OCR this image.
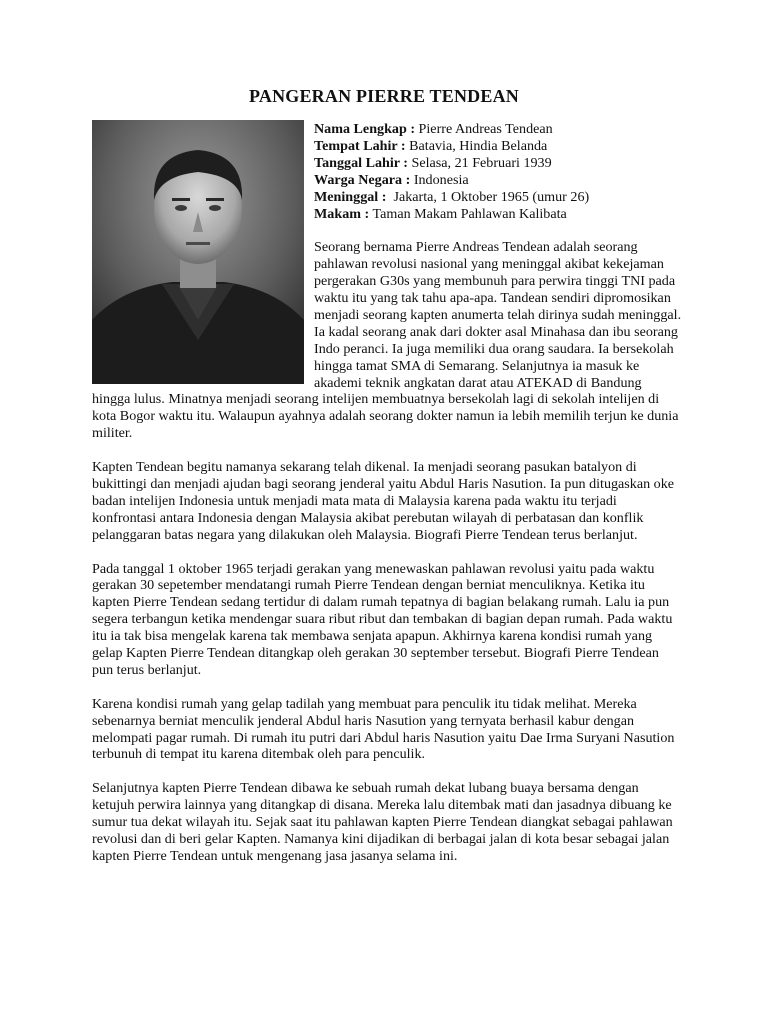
PANGERAN PIERRE TENDEAN

Nama Lengkap : Pierre Andreas Tendean

Tempat Lahir : Batavia, Hindia Belanda

Tanggal Lahir : Selasa, 21 Februari 1939

Warga Negara : Indonesia

Meninggal :  Jakarta, 1 Oktober 1965 (umur 26)

Makam : Taman Makam Pahlawan Kalibata

Seorang bernama Pierre Andreas Tendean adalah seorang pahlawan revolusi nasional yang meninggal akibat kekejaman pergerakan G30s yang membunuh para perwira tinggi TNI pada waktu itu yang tak tahu apa-apa. Tandean sendiri dipromosikan menjadi seorang kapten anumerta telah dirinya sudah meninggal. Ia kadal seorang anak dari dokter asal Minahasa dan ibu seorang Indo peranci. Ia juga memiliki dua orang saudara. Ia bersekolah hingga tamat SMA di Semarang. Selanjutnya ia masuk ke akademi teknik angkatan darat atau ATEKAD di Bandung hingga lulus. Minatnya menjadi seorang intelijen membuatnya bersekolah lagi di sekolah intelijen di kota Bogor waktu itu. Walaupun ayahnya adalah seorang dokter namun ia lebih memilih terjun ke dunia militer.

Kapten Tendean begitu namanya sekarang telah dikenal. Ia menjadi seorang pasukan batalyon di bukittingi dan menjadi ajudan bagi seorang jenderal yaitu Abdul Haris Nasution. Ia pun ditugaskan oke badan intelijen Indonesia untuk menjadi mata mata di Malaysia karena pada waktu itu terjadi konfrontasi antara Indonesia dengan Malaysia akibat perebutan wilayah di perbatasan dan konflik pelanggaran batas negara yang dilakukan oleh Malaysia. Biografi Pierre Tendean terus berlanjut.

Pada tanggal 1 oktober 1965 terjadi gerakan yang menewaskan pahlawan revolusi yaitu pada waktu gerakan 30 sepetember mendatangi rumah Pierre Tendean dengan berniat menculiknya. Ketika itu kapten Pierre Tendean sedang tertidur di dalam rumah tepatnya di bagian belakang rumah. Lalu ia pun segera terbangun ketika mendengar suara ribut ribut dan tembakan di bagian depan rumah. Pada waktu itu ia tak bisa mengelak karena tak membawa senjata apapun. Akhirnya karena kondisi rumah yang gelap Kapten Pierre Tendean ditangkap oleh gerakan 30 september tersebut. Biografi Pierre Tendean pun terus berlanjut.

Karena kondisi rumah yang gelap tadilah yang membuat para penculik itu tidak melihat. Mereka sebenarnya berniat menculik jenderal Abdul haris Nasution yang ternyata berhasil kabur dengan melompati pagar rumah. Di rumah itu putri dari Abdul haris Nasution yaitu Dae Irma Suryani Nasution terbunuh di tempat itu karena ditembak oleh para penculik.

Selanjutnya kapten Pierre Tendean dibawa ke sebuah rumah dekat lubang buaya bersama dengan ketujuh perwira lainnya yang ditangkap di disana. Mereka lalu ditembak mati dan jasadnya dibuang ke sumur tua dekat wilayah itu. Sejak saat itu pahlawan kapten Pierre Tendean diangkat sebagai pahlawan revolusi dan di beri gelar Kapten. Namanya kini dijadikan di berbagai jalan di kota besar sebagai jalan kapten Pierre Tendean untuk mengenang jasa jasanya selama ini.
